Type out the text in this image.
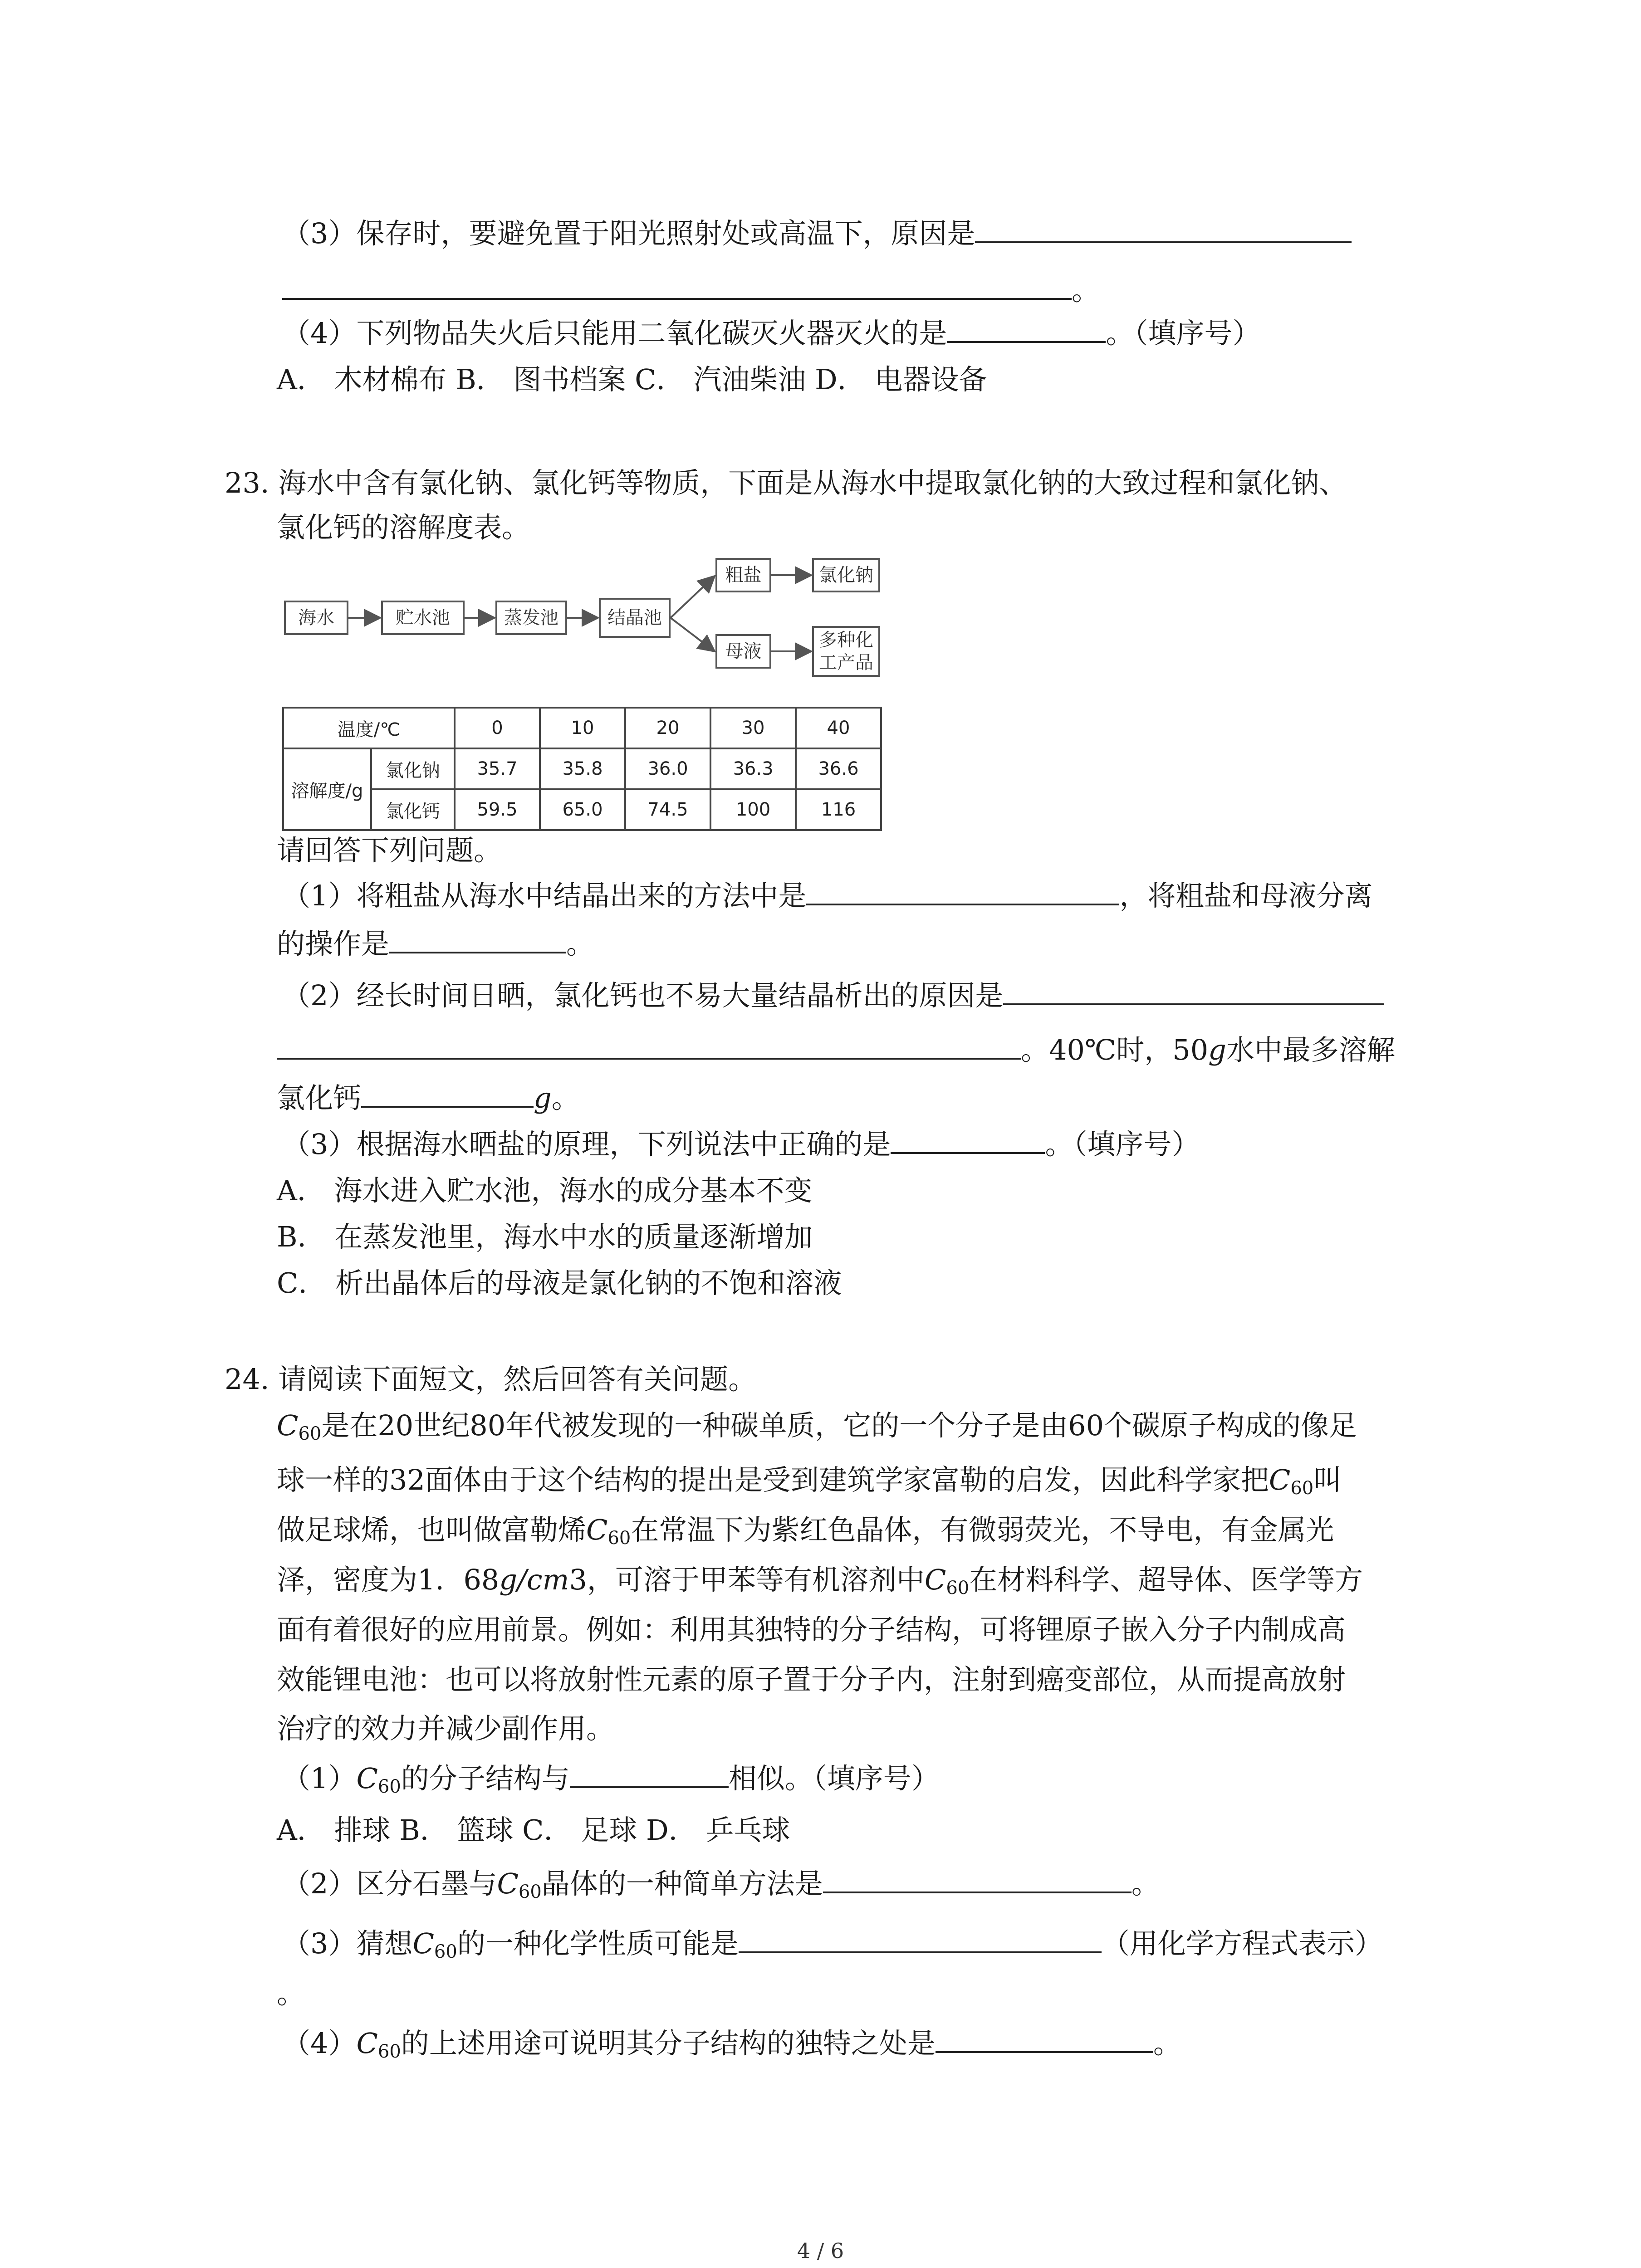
（3）保存时，要避免置于阳光照射处或高温下，原因是
。
（4）下列物品失火后只能用二氧化碳灭火器灭火的是	。（填序号）
A． 木材棉布 B． 图书档案 C． 汽油柴油 D． 电器设备
23. 海水中含有氯化钠、氯化钙等物质，下面是从海水中提取氯化钠的大致过程和氯化钠、
氯化钙的溶解度表。
海水	贮水池	蒸发池	结晶池
粗盐	氯化钠
母液
多种化
工产品
温度/℃		0	10	20	30	40
溶解度/g	氯化钠	35.7	35.8	36.0	36.3	36.6
	氯化钙	59.5	65.0	74.5	100	116
请回答下列问题。
（1）将粗盐从海水中结晶出来的方法中是	，将粗盐和母液分离
的操作是	。
（2）经长时间日晒，氯化钙也不易大量结晶析出的原因是
。40℃时，50g水中最多溶解
氯化钙	g。
（3）根据海水晒盐的原理，下列说法中正确的是	。（填序号）
A． 海水进入贮水池，海水的成分基本不变
B． 在蒸发池里，海水中水的质量逐渐增加
C． 析出晶体后的母液是氯化钠的不饱和溶液
24. 请阅读下面短文，然后回答有关问题。
$C_{60}$是在20世纪80年代被发现的一种碳单质，它的一个分子是由60个碳原子构成的像足
球一样的32面体由于这个结构的提出是受到建筑学家富勒的启发，因此科学家把$C_{60}$叫
做足球烯，也叫做富勒烯$C_{60}$在常温下为紫红色晶体，有微弱荧光，不导电，有金属光
泽，密度为1．68g/cm3，可溶于甲苯等有机溶剂中$C_{60}$在材料科学、超导体、医学等方
面有着很好的应用前景。例如：利用其独特的分子结构，可将锂原子嵌入分子内制成高
效能锂电池：也可以将放射性元素的原子置于分子内，注射到癌变部位，从而提高放射
治疗的效力并减少副作用。
$(1)C_{60}$的分子结构与	相似。（填序号）
A． 排球 B． 篮球 C． 足球 D． 乒乓球
（2）区分石墨与$C_{60}$晶体的一种简单方法是	。
（3）猜想$C_{60}$的一种化学性质可能是	（用化学方程式表示）
。
$(4)C_{60}$的上述用途可说明其分子结构的独特之处是	。
4 / 6
